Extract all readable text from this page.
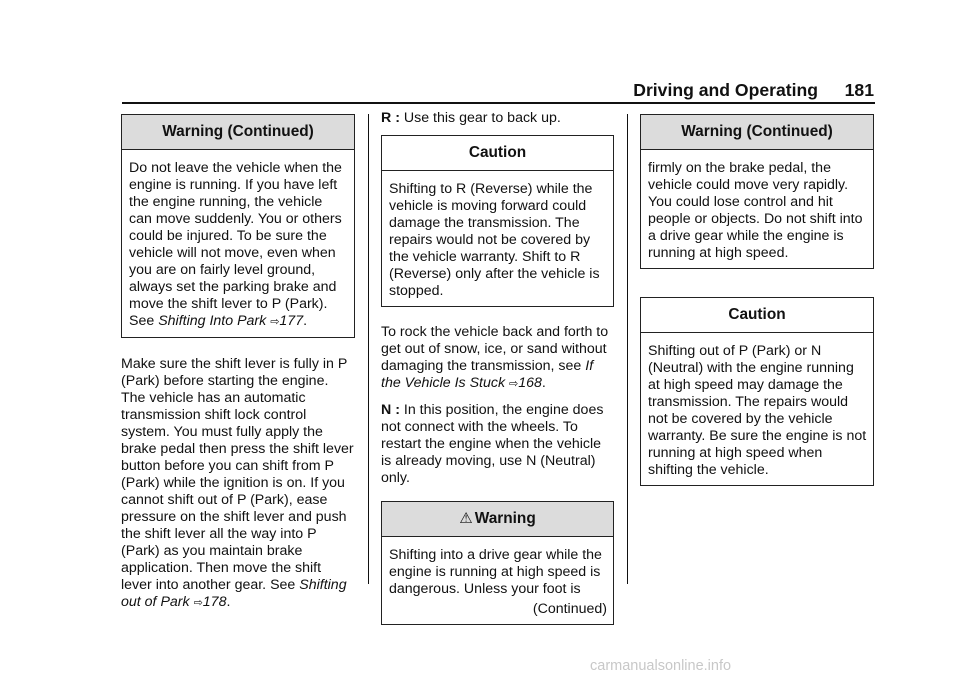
Driving and Operating	181
Warning (Continued)

Do not leave the vehicle when the engine is running. If you have left the engine running, the vehicle can move suddenly. You or others could be injured. To be sure the vehicle will not move, even when you are on fairly level ground, always set the parking brake and move the shift lever to P (Park). See Shifting Into Park ⇨177.

Make sure the shift lever is fully in P (Park) before starting the engine. The vehicle has an automatic transmission shift lock control system. You must fully apply the brake pedal then press the shift lever button before you can shift from P (Park) while the ignition is on. If you cannot shift out of P (Park), ease pressure on the shift lever and push the shift lever all the way into P (Park) as you maintain brake application. Then move the shift lever into another gear. See Shifting out of Park ⇨178.

R : Use this gear to back up.

Caution

Shifting to R (Reverse) while the vehicle is moving forward could damage the transmission. The repairs would not be covered by the vehicle warranty. Shift to R (Reverse) only after the vehicle is stopped.

To rock the vehicle back and forth to get out of snow, ice, or sand without damaging the transmission, see If the Vehicle Is Stuck ⇨168.

N : In this position, the engine does not connect with the wheels. To restart the engine when the vehicle is already moving, use N (Neutral) only.

⚠ Warning

Shifting into a drive gear while the engine is running at high speed is dangerous. Unless your foot is

(Continued)

Warning (Continued)

firmly on the brake pedal, the vehicle could move very rapidly. You could lose control and hit people or objects. Do not shift into a drive gear while the engine is running at high speed.

Caution

Shifting out of P (Park) or N (Neutral) with the engine running at high speed may damage the transmission. The repairs would not be covered by the vehicle warranty. Be sure the engine is not running at high speed when shifting the vehicle.

carmanualsonline.info
